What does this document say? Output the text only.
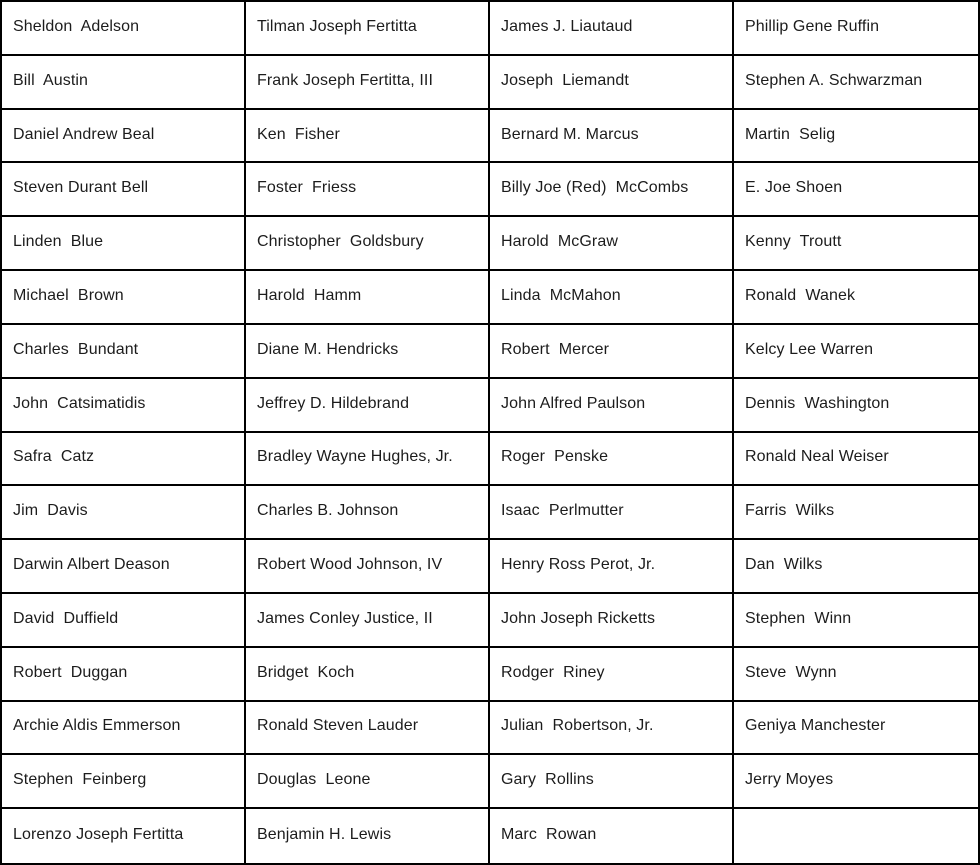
Sheldon  Adelson	Tilman Joseph Fertitta	James J. Liautaud	Phillip Gene Ruffin
Bill  Austin	Frank Joseph Fertitta, III	Joseph  Liemandt	Stephen A. Schwarzman
Daniel Andrew Beal	Ken  Fisher	Bernard M. Marcus	Martin  Selig
Steven Durant Bell	Foster  Friess	Billy Joe (Red)  McCombs	E. Joe Shoen
Linden  Blue	Christopher  Goldsbury	Harold  McGraw	Kenny  Troutt
Michael  Brown	Harold  Hamm	Linda  McMahon	Ronald  Wanek
Charles  Bundant	Diane M. Hendricks	Robert  Mercer	Kelcy Lee Warren
John  Catsimatidis	Jeffrey D. Hildebrand	John Alfred Paulson	Dennis  Washington
Safra  Catz	Bradley Wayne Hughes, Jr.	Roger  Penske	Ronald Neal Weiser
Jim  Davis	Charles B. Johnson	Isaac  Perlmutter	Farris  Wilks
Darwin Albert Deason	Robert Wood Johnson, IV	Henry Ross Perot, Jr.	Dan  Wilks
David  Duffield	James Conley Justice, II	John Joseph Ricketts	Stephen  Winn
Robert  Duggan	Bridget  Koch	Rodger  Riney	Steve  Wynn
Archie Aldis Emmerson	Ronald Steven Lauder	Julian  Robertson, Jr.	Geniya Manchester
Stephen  Feinberg	Douglas  Leone	Gary  Rollins	Jerry Moyes
Lorenzo Joseph Fertitta	Benjamin H. Lewis	Marc  Rowan
